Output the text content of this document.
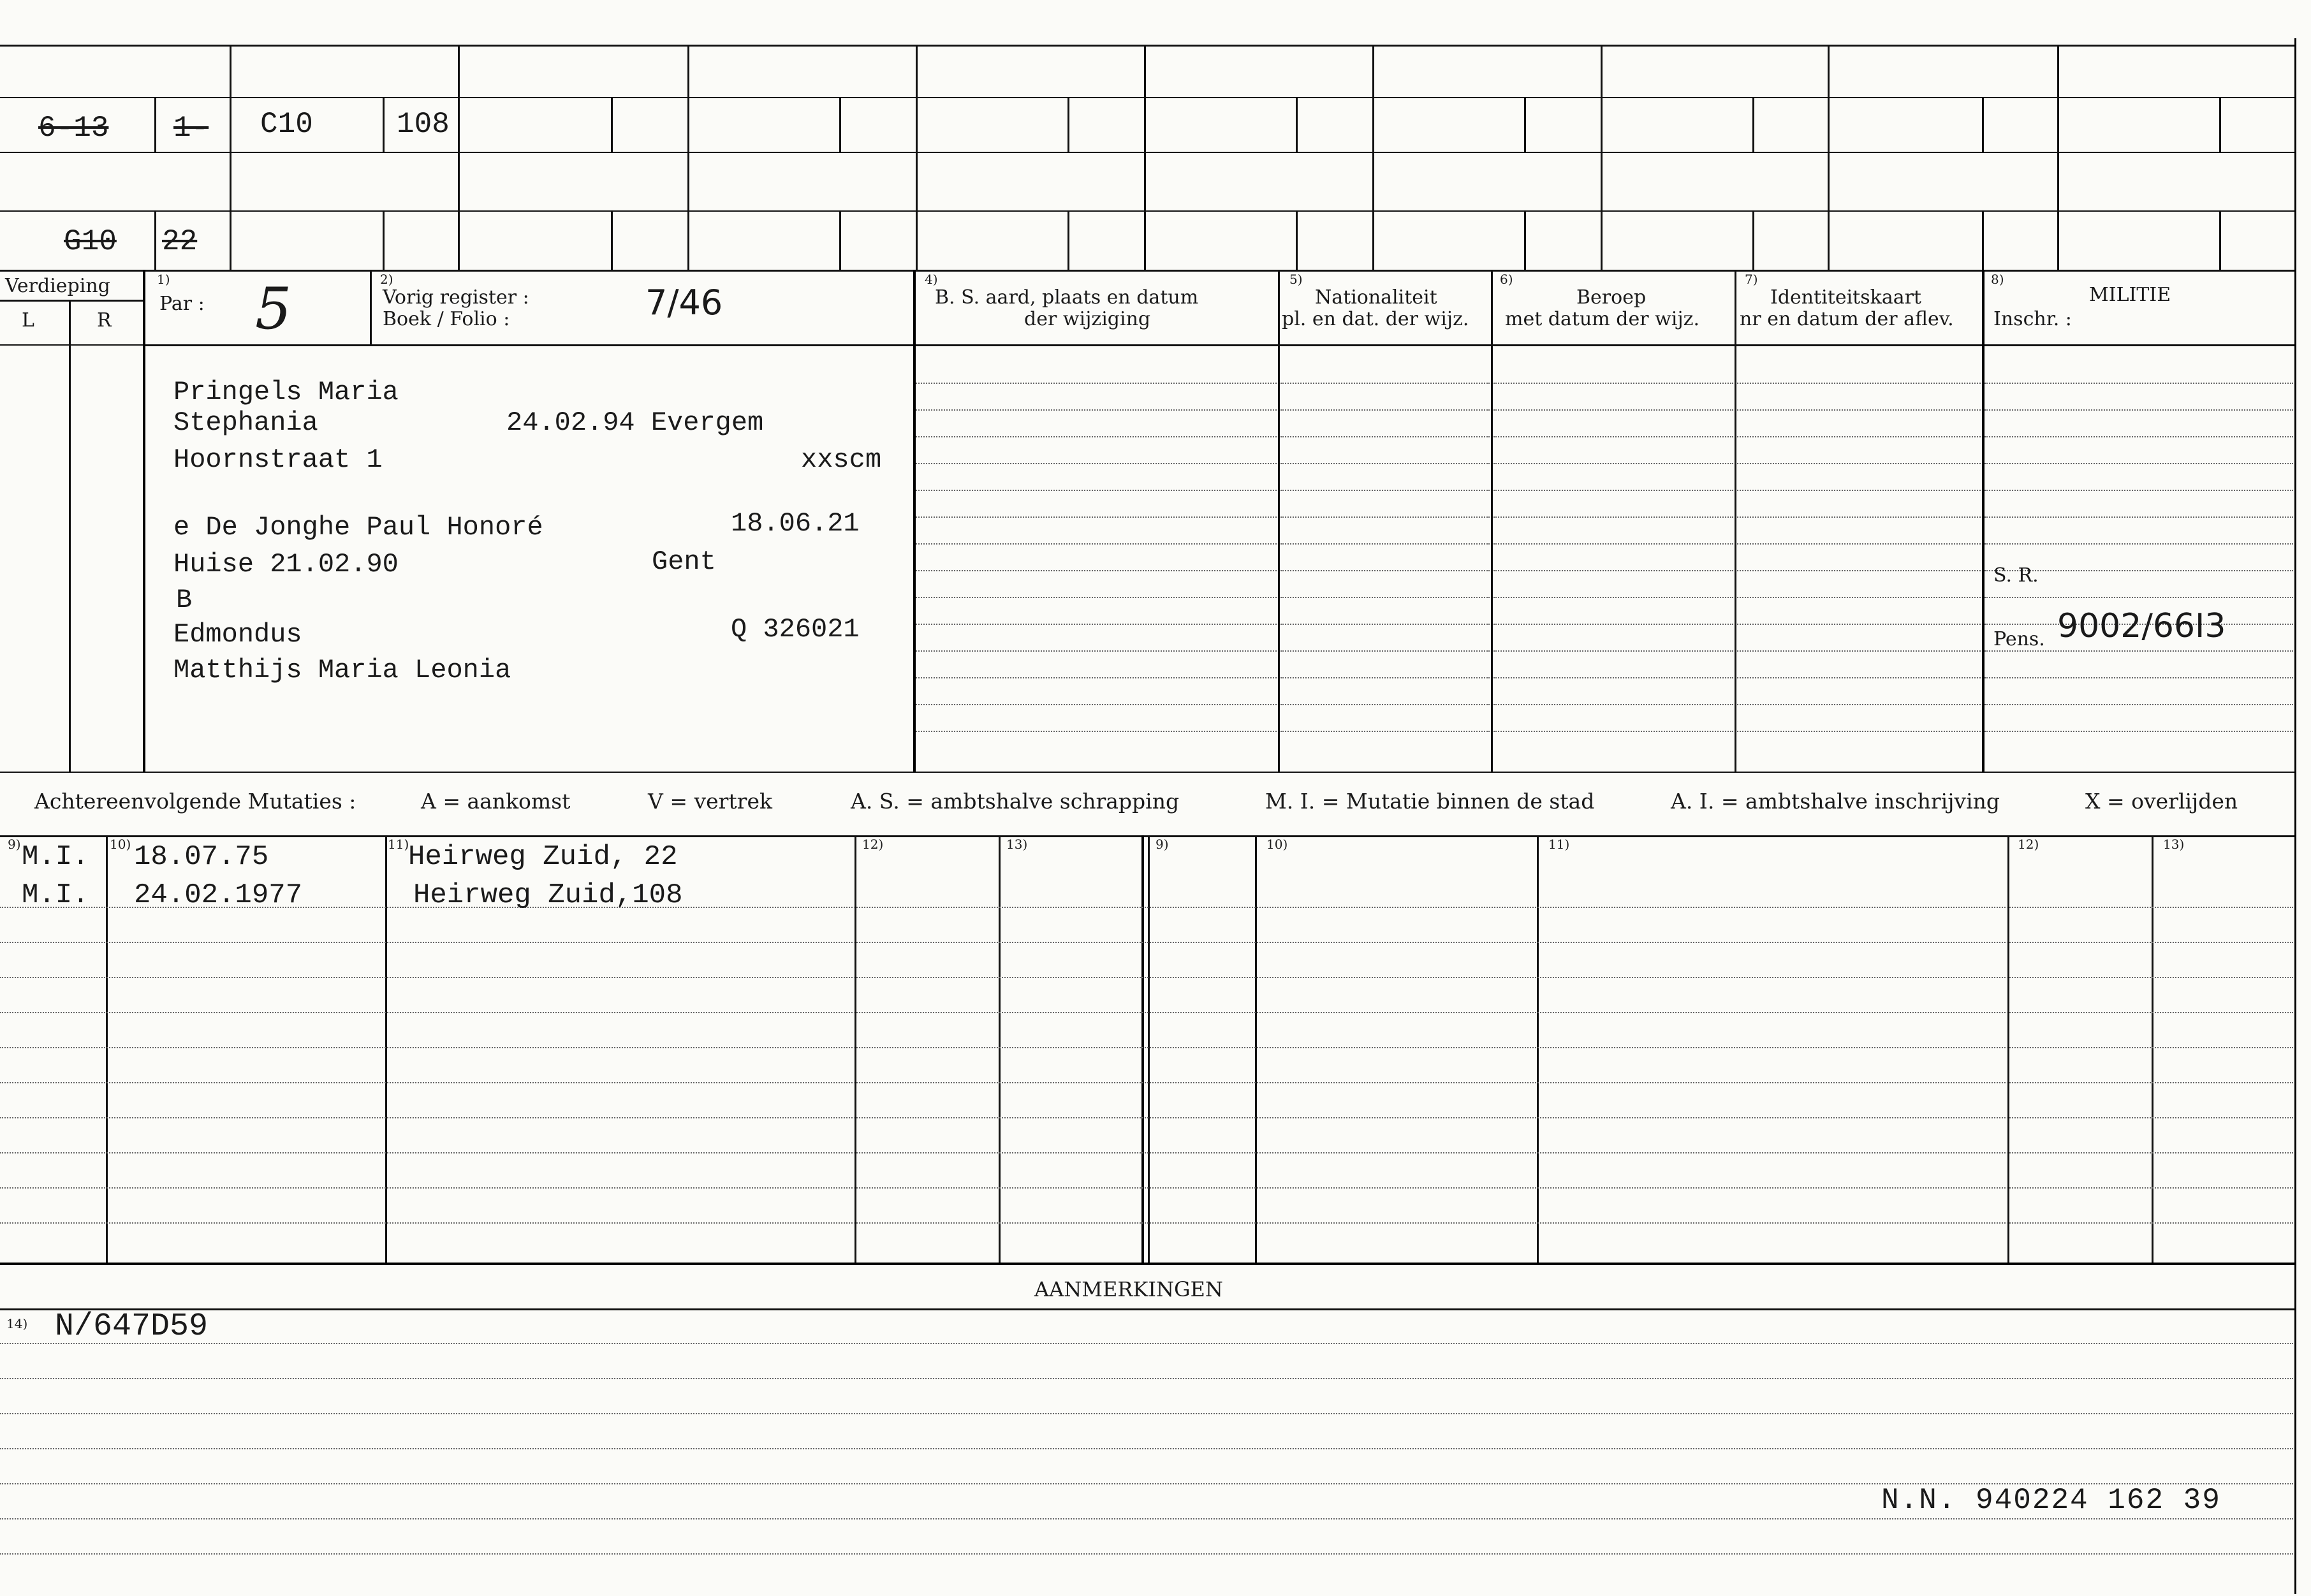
6-13 1- C10	108
G10 22
Verdieping
L	R
1)
Par : 5	2)
Vorig register :
Boek / Folio :	7/46
4)
B. S. aard, plaats en datum
der wijziging
5)
Nationaliteit
pl. en dat. der wijz.
6)
Beroep
met datum der wijz.
7)
Identiteitskaart
nr en datum der aflev.
8)
MILITIE
Inschr. :
Pringels Maria
Stephania	24.02.94 Evergem
Hoornstraat 1	xxscm
e De Jonghe Paul Honoré	18.06.21
Huise 21.02.90	Gent
B
Edmondus	Q 326021
Matthijs Maria Leonia
S. R.
Pens. 9002/66I3
Achtereenvolgende Mutaties :	A = aankomst	V = vertrek	A. S. = ambtshalve schrapping	M. I. = Mutatie binnen de stad	A. I. = ambtshalve inschrijving	X = overlijden
9)	10)	11)	12)	13)	9)	10)	11)	12)	13)
M.I. 18.07.75	Heirweg Zuid, 22
M.I. 24.02.1977	Heirweg Zuid,108
AANMERKINGEN
14) N/647D59
N.N. 940224 162 39
